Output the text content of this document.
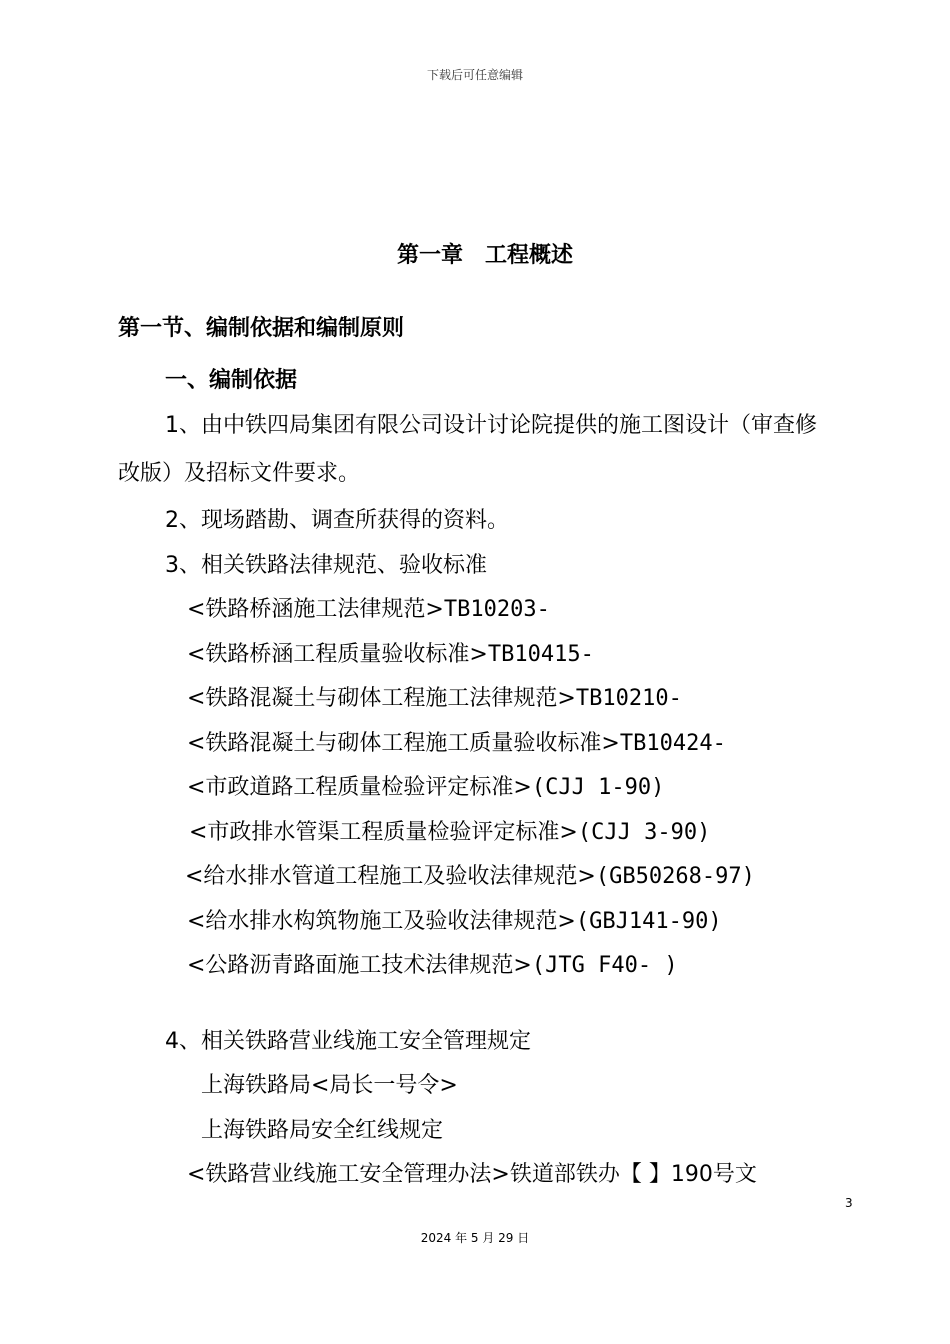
下载后可任意编辑
第一章 工程概述
第一节、编制依据和编制原则
一、编制依据
1、由中铁四局集团有限公司设计讨论院提供的施工图设计（审查修
改版）及招标文件要求。
2、现场踏勘、调查所获得的资料。
3、相关铁路法律规范、验收标准
<铁路桥涵施工法律规范>TB10203-
<铁路桥涵工程质量验收标准>TB10415-
<铁路混凝土与砌体工程施工法律规范>TB10210-
<铁路混凝土与砌体工程施工质量验收标准>TB10424-
<市政道路工程质量检验评定标准>(CJJ 1-90)
<市政排水管渠工程质量检验评定标准>(CJJ 3-90)
<给水排水管道工程施工及验收法律规范>(GB50268-97)
<给水排水构筑物施工及验收法律规范>(GBJ141-90)
<公路沥青路面施工技术法律规范>(JTG F40- )
4、相关铁路营业线施工安全管理规定
上海铁路局<局长一号令>
上海铁路局安全红线规定
<铁路营业线施工安全管理办法>铁道部铁办【 】190号文
3
2024 年 5 月 29 日
